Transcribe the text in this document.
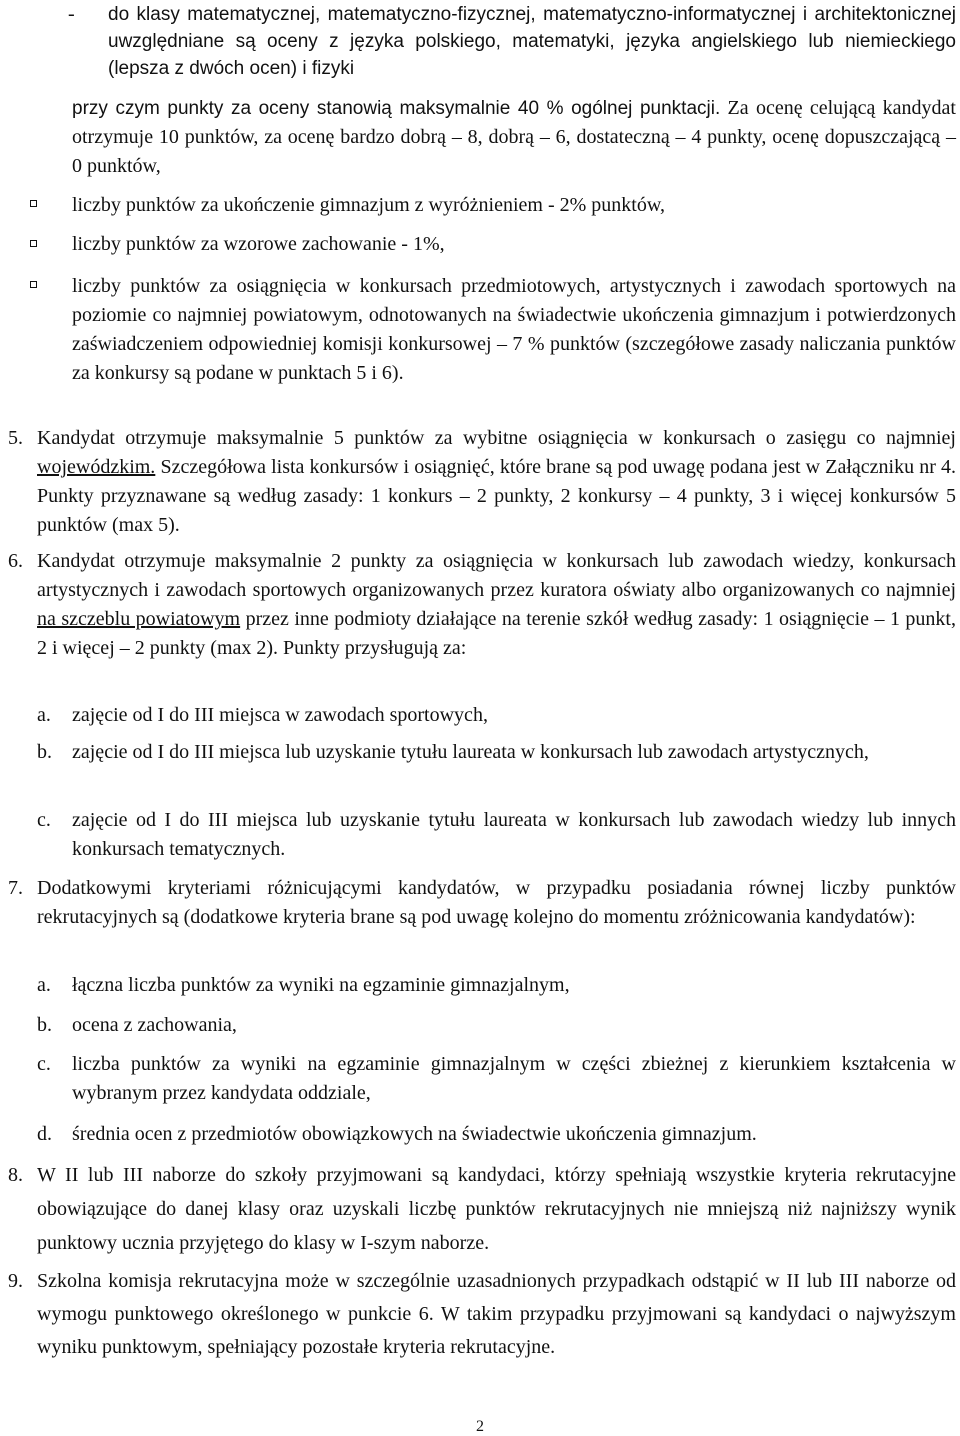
- do klasy matematycznej, matematyczno-fizycznej, matematyczno-informatycznej i architektonicznej uwzględniane są oceny z języka polskiego, matematyki, języka angielskiego lub niemieckiego (lepsza z dwóch ocen) i fizyki

przy czym punkty za oceny stanowią maksymalnie 40 % ogólnej punktacji. Za ocenę celującą kandydat otrzymuje 10 punktów, za ocenę bardzo dobrą – 8, dobrą – 6, dostateczną – 4 punkty, ocenę dopuszczającą – 0 punktów,

liczby punktów za ukończenie gimnazjum z wyróżnieniem - 2% punktów,

liczby punktów za wzorowe zachowanie - 1%,

liczby punktów za osiągnięcia w konkursach przedmiotowych, artystycznych i zawodach sportowych na poziomie co najmniej powiatowym, odnotowanych na świadectwie ukończenia gimnazjum i potwierdzonych zaświadczeniem odpowiedniej komisji konkursowej – 7 % punktów (szczegółowe zasady naliczania punktów za konkursy są podane w punktach 5 i 6).

5. Kandydat otrzymuje maksymalnie 5 punktów za wybitne osiągnięcia w konkursach o zasięgu co najmniej wojewódzkim. Szczegółowa lista konkursów i osiągnięć, które brane są pod uwagę podana jest w Załączniku nr 4. Punkty przyznawane są według zasady: 1 konkurs – 2 punkty, 2 konkursy – 4 punkty, 3 i więcej konkursów 5 punktów (max 5).

6. Kandydat otrzymuje maksymalnie 2 punkty za osiągnięcia w konkursach lub zawodach wiedzy, konkursach artystycznych i zawodach sportowych organizowanych przez kuratora oświaty albo organizowanych co najmniej na szczeblu powiatowym przez inne podmioty działające na terenie szkół według zasady: 1 osiągnięcie – 1 punkt, 2 i więcej – 2 punkty (max 2). Punkty przysługują za:

a. zajęcie od I do III miejsca w zawodach sportowych,

b. zajęcie od I do III miejsca lub uzyskanie tytułu laureata w konkursach lub zawodach artystycznych,

c. zajęcie od I do III miejsca lub uzyskanie tytułu laureata w konkursach lub zawodach wiedzy lub innych konkursach tematycznych.

7. Dodatkowymi kryteriami różnicującymi kandydatów, w przypadku posiadania równej liczby punktów rekrutacyjnych są (dodatkowe kryteria brane są pod uwagę kolejno do momentu zróżnicowania kandydatów):

a. łączna liczba punktów za wyniki na egzaminie gimnazjalnym,

b. ocena z zachowania,

c. liczba punktów za wyniki na egzaminie gimnazjalnym w części zbieżnej z kierunkiem kształcenia w wybranym przez kandydata oddziale,

d. średnia ocen z przedmiotów obowiązkowych na świadectwie ukończenia gimnazjum.

8. W II lub III naborze do szkoły przyjmowani są kandydaci, którzy spełniają wszystkie kryteria rekrutacyjne obowiązujące do danej klasy oraz uzyskali liczbę punktów rekrutacyjnych nie mniejszą niż najniższy wynik punktowy ucznia przyjętego do klasy w I-szym naborze.

9. Szkolna komisja rekrutacyjna może w szczególnie uzasadnionych przypadkach odstąpić w II lub III naborze od wymogu punktowego określonego w punkcie 6. W takim przypadku przyjmowani są kandydaci o najwyższym wyniku punktowym, spełniający pozostałe kryteria rekrutacyjne.

2
